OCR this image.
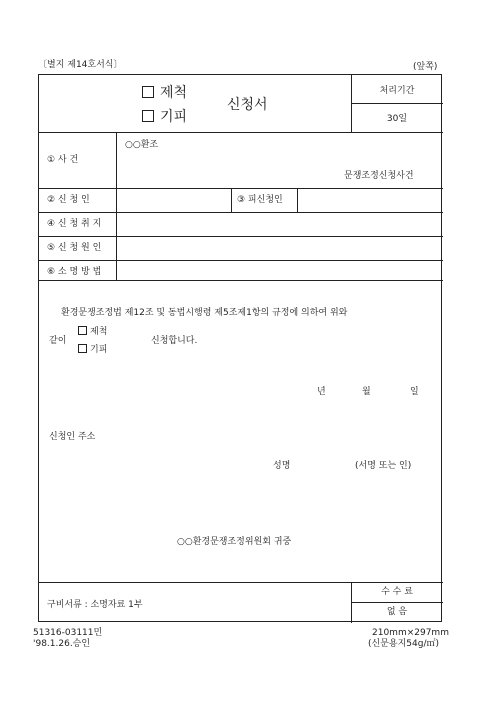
〔별지 제14호서식〕	(앞쪽)
제척
기피
신청서
처리기간
30일
① 사 건
○○환조
문쟁조정신청사건
② 신 청 인	③ 피신청인
④ 신 청 취 지
⑤ 신 청 원 인
⑥ 소 명 방 법
환경문쟁조정법 제12조 및 동법시행령 제5조제1항의 규정에 의하여 위와
같이
제척
기피
신청합니다.
년	월	일
신청인 주소
성명	(서명 또는 인)
○○환경문쟁조정위원회 귀중
구비서류 : 소명자료 1부
수 수 료
없 음
51316-03111민
'98.1.26.승인
210mm×297mm
(신문용지54g/㎡)
